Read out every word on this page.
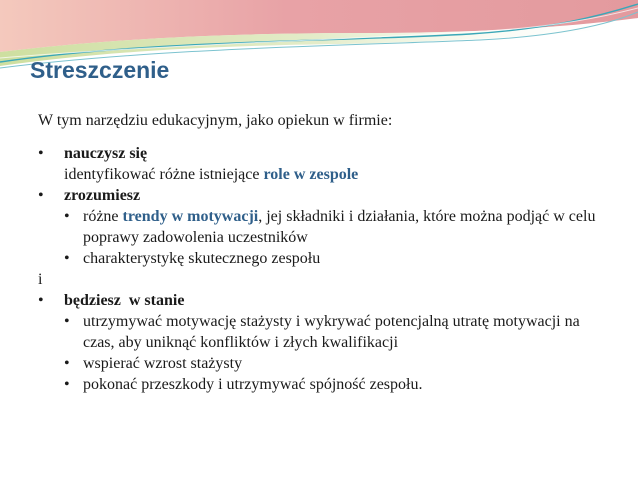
Streszczenie

W tym narzędziu edukacyjnym, jako opiekun w firmie:

• nauczysz się
identyfikować różne istniejące role w zespole
• zrozumiesz
• różne trendy w motywacji, jej składniki i działania, które można podjąć w celu poprawy zadowolenia uczestników
• charakterystykę skutecznego zespołu
i
• będziesz  w stanie
• utrzymywać motywację stażysty i wykrywać potencjalną utratę motywacji na czas, aby uniknąć konfliktów i złych kwalifikacji
• wspierać wzrost stażysty
• pokonać przeszkody i utrzymywać spójność zespołu.
